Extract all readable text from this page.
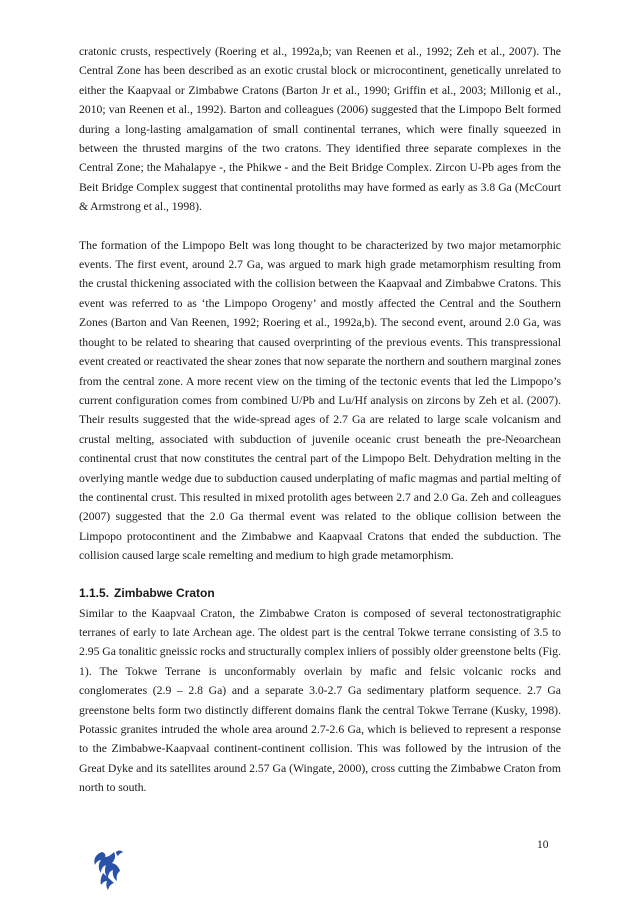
cratonic crusts, respectively (Roering et al., 1992a,b; van Reenen et al., 1992; Zeh et al., 2007). The Central Zone has been described as an exotic crustal block or microcontinent, genetically unrelated to either the Kaapvaal or Zimbabwe Cratons (Barton Jr et al., 1990; Griffin et al., 2003; Millonig et al., 2010; van Reenen et al., 1992). Barton and colleagues (2006) suggested that the Limpopo Belt formed during a long-lasting amalgamation of small continental terranes, which were finally squeezed in between the thrusted margins of the two cratons. They identified three separate complexes in the Central Zone; the Mahalapye -, the Phikwe - and the Beit Bridge Complex. Zircon U-Pb ages from the Beit Bridge Complex suggest that continental protoliths may have formed as early as 3.8 Ga (McCourt & Armstrong et al., 1998).

The formation of the Limpopo Belt was long thought to be characterized by two major metamorphic events. The first event, around 2.7 Ga, was argued to mark high grade metamorphism resulting from the crustal thickening associated with the collision between the Kaapvaal and Zimbabwe Cratons. This event was referred to as ‘the Limpopo Orogeny’ and mostly affected the Central and the Southern Zones (Barton and Van Reenen, 1992; Roering et al., 1992a,b). The second event, around 2.0 Ga, was thought to be related to shearing that caused overprinting of the previous events. This transpressional event created or reactivated the shear zones that now separate the northern and southern marginal zones from the central zone. A more recent view on the timing of the tectonic events that led the Limpopo’s current configuration comes from combined U/Pb and Lu/Hf analysis on zircons by Zeh et al. (2007). Their results suggested that the wide-spread ages of 2.7 Ga are related to large scale volcanism and crustal melting, associated with subduction of juvenile oceanic crust beneath the pre-Neoarchean continental crust that now constitutes the central part of the Limpopo Belt. Dehydration melting in the overlying mantle wedge due to subduction caused underplating of mafic magmas and partial melting of the continental crust. This resulted in mixed protolith ages between 2.7 and 2.0 Ga. Zeh and colleagues (2007) suggested that the 2.0 Ga thermal event was related to the oblique collision between the Limpopo protocontinent and the Zimbabwe and Kaapvaal Cratons that ended the subduction. The collision caused large scale remelting and medium to high grade metamorphism.

1.1.5. Zimbabwe Craton

Similar to the Kaapvaal Craton, the Zimbabwe Craton is composed of several tectonostratigraphic terranes of early to late Archean age. The oldest part is the central Tokwe terrane consisting of 3.5 to 2.95 Ga tonalitic gneissic rocks and structurally complex inliers of possibly older greenstone belts (Fig. 1). The Tokwe Terrane is unconformably overlain by mafic and felsic volcanic rocks and conglomerates (2.9 – 2.8 Ga) and a separate 3.0-2.7 Ga sedimentary platform sequence. 2.7 Ga greenstone belts form two distinctly different domains flank the central Tokwe Terrane (Kusky, 1998). Potassic granites intruded the whole area around 2.7-2.6 Ga, which is believed to represent a response to the Zimbabwe-Kaapvaal continent-continent collision. This was followed by the intrusion of the Great Dyke and its satellites around 2.57 Ga (Wingate, 2000), cross cutting the Zimbabwe Craton from north to south.

10
